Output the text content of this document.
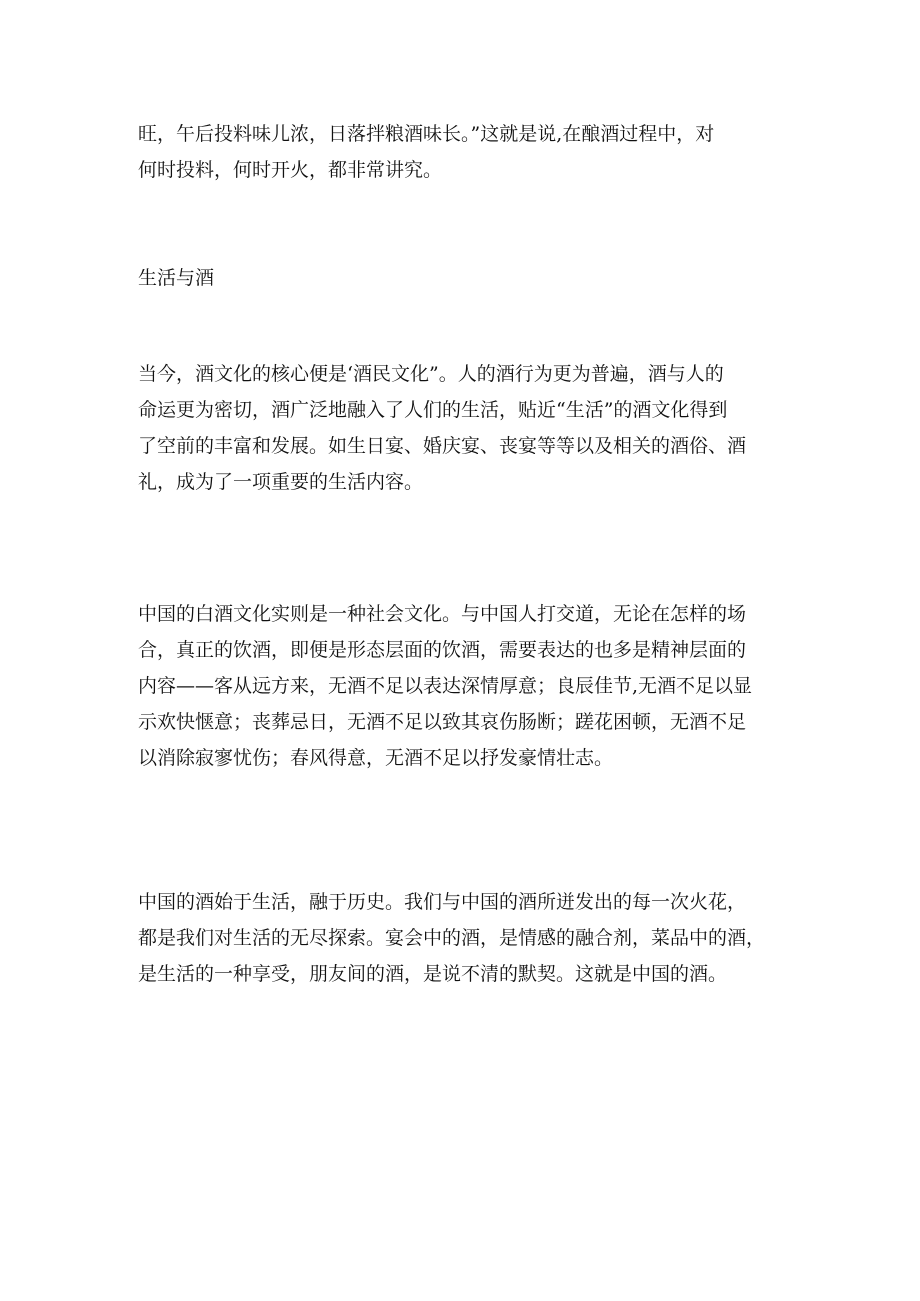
旺，午后投料味儿浓，日落拌粮酒味长。”这就是说,在酿酒过程中，对
何时投料，何时开火，都非常讲究。

生活与酒

当今，酒文化的核心便是‘酒民文化”。人的酒行为更为普遍，酒与人的
命运更为密切，酒广泛地融入了人们的生活，贴近“生活”的酒文化得到
了空前的丰富和发展。如生日宴、婚庆宴、丧宴等等以及相关的酒俗、酒
礼，成为了一项重要的生活内容。

中国的白酒文化实则是一种社会文化。与中国人打交道，无论在怎样的场
合，真正的饮酒，即便是形态层面的饮酒，需要表达的也多是精神层面的
内容——客从远方来，无酒不足以表达深情厚意；良辰佳节,无酒不足以显
示欢快惬意；丧葬忌日，无酒不足以致其哀伤肠断；蹉花困顿，无酒不足
以消除寂寥忧伤；春风得意，无酒不足以抒发豪情壮志。

中国的酒始于生活，融于历史。我们与中国的酒所迸发出的每一次火花，
都是我们对生活的无尽探索。宴会中的酒，是情感的融合剂，菜品中的酒，
是生活的一种享受，朋友间的酒，是说不清的默契。这就是中国的酒。
